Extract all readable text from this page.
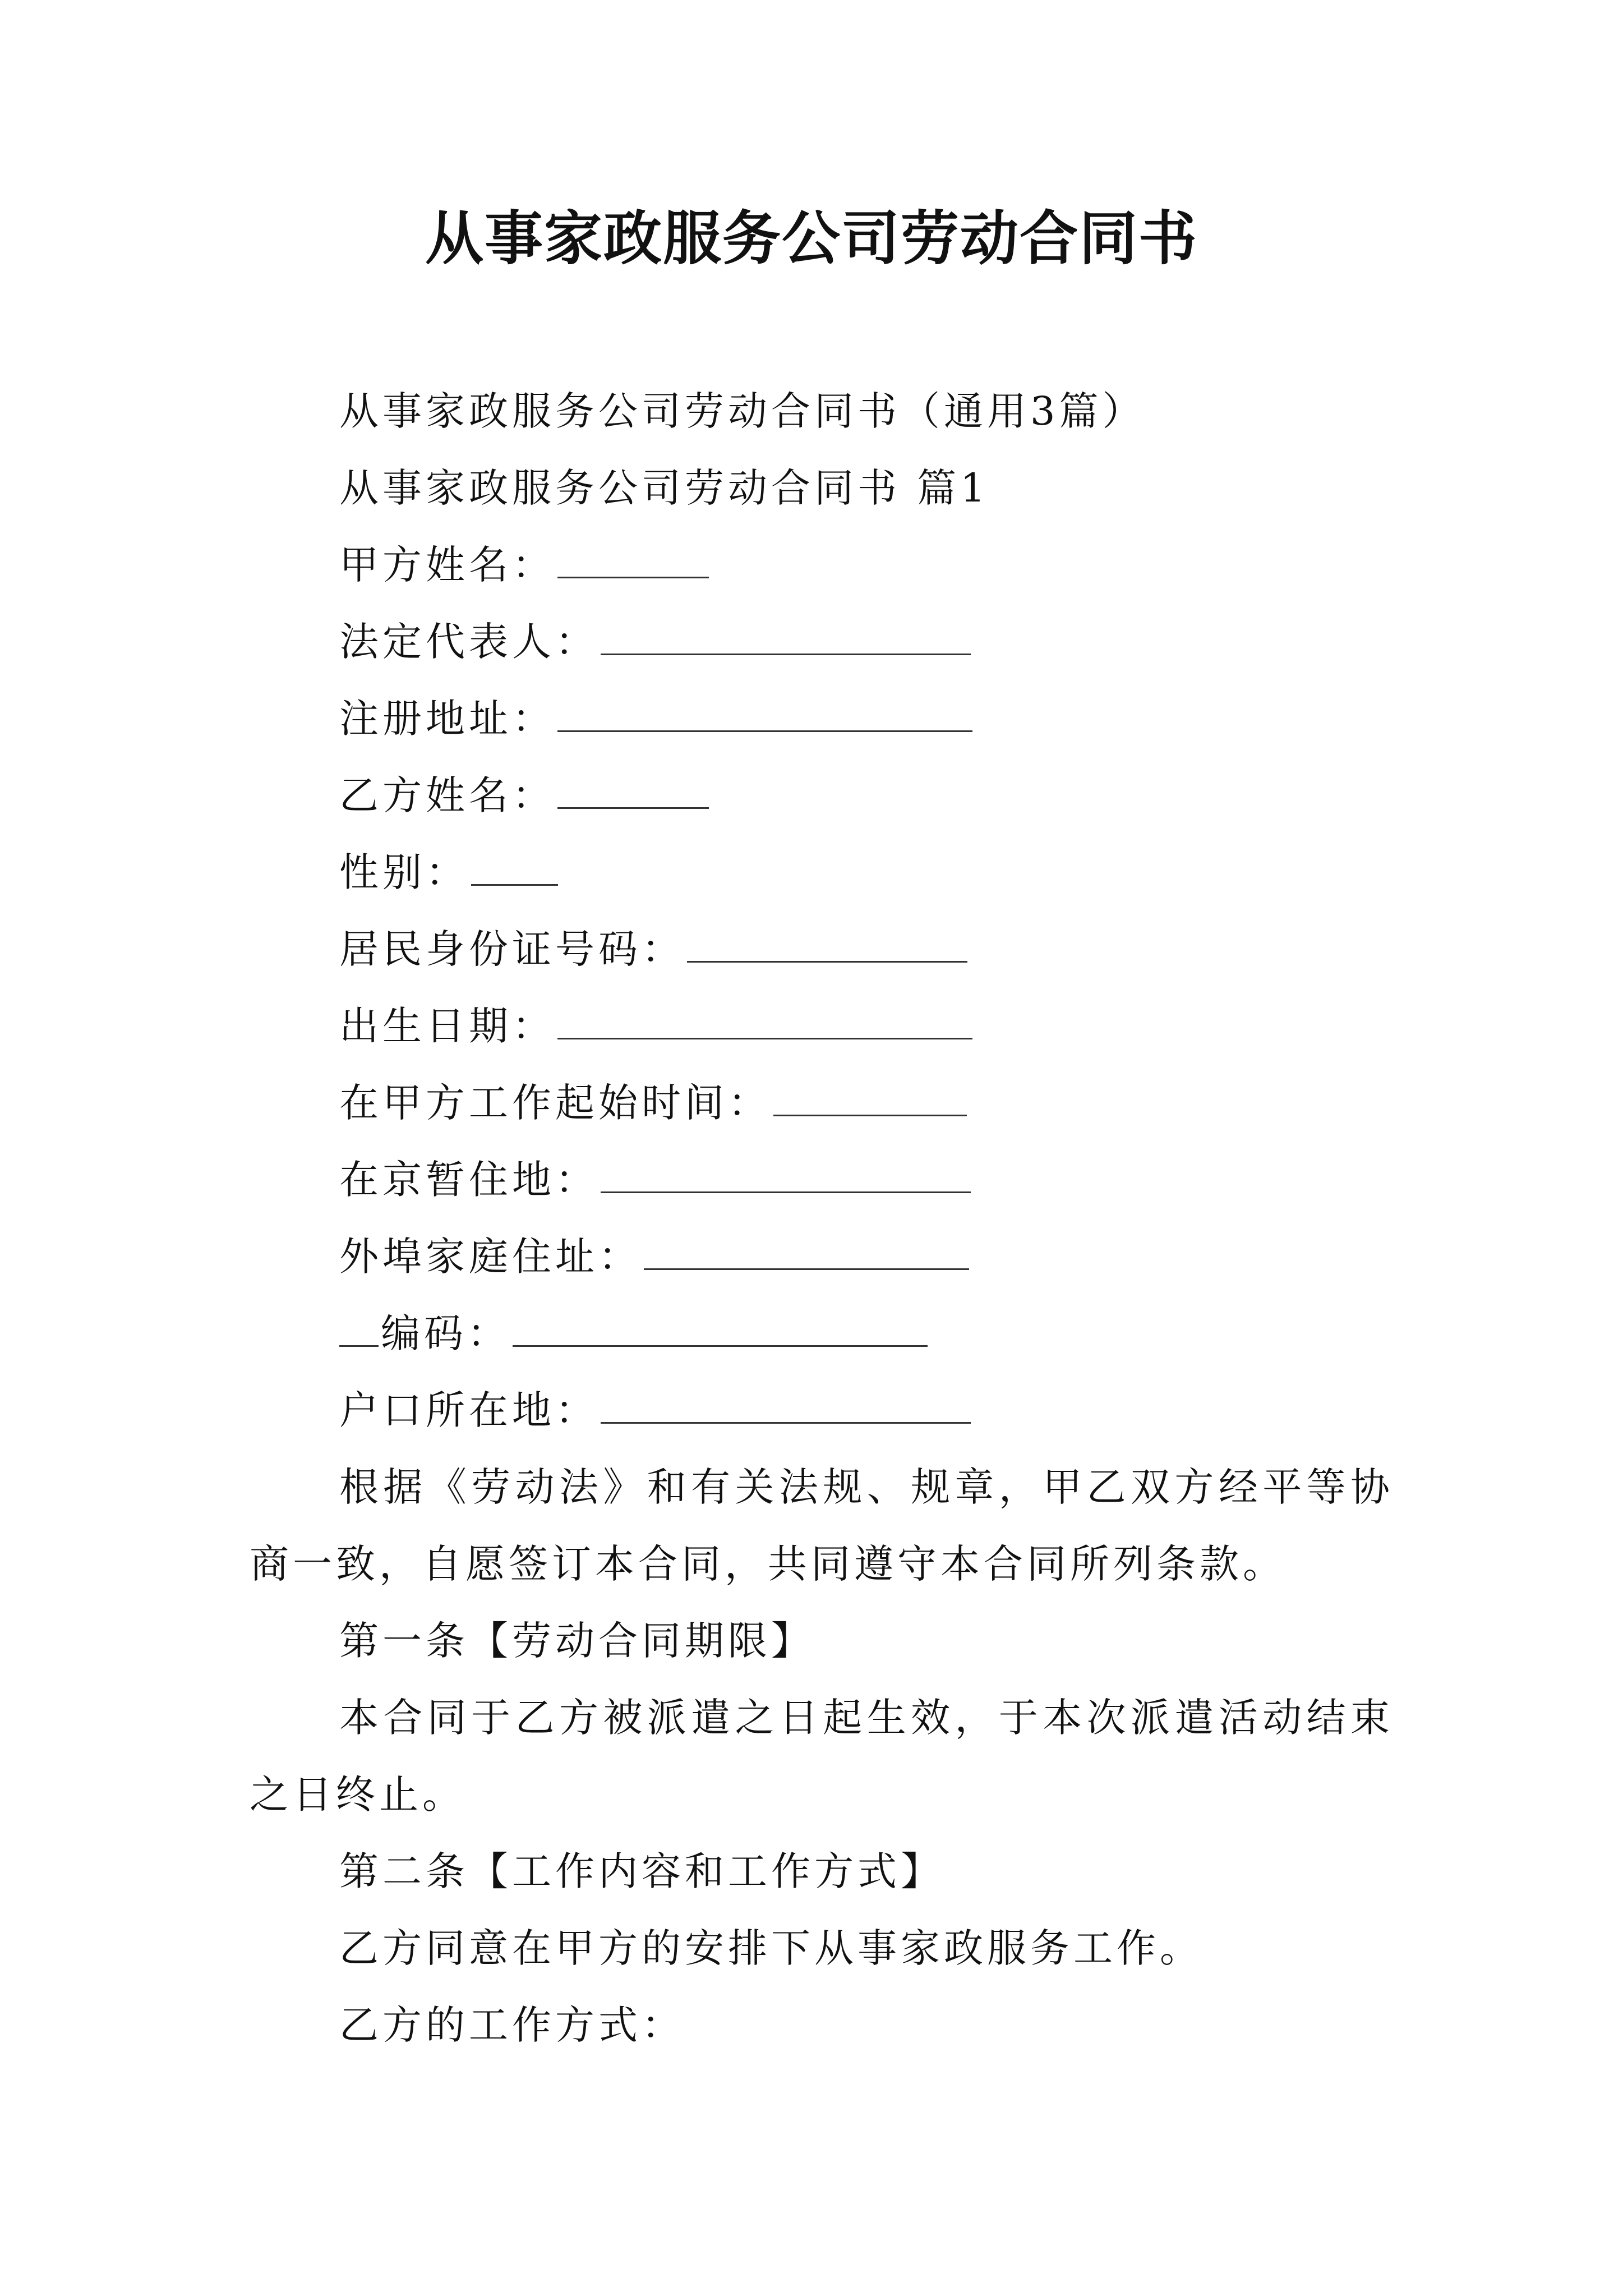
从事家政服务公司劳动合同书
从事家政服务公司劳动合同书（通用3篇）
从事家政服务公司劳动合同书 篇1
甲方姓名：
法定代表人：
注册地址：
乙方姓名：
性别：
居民身份证号码：
出生日期：
在甲方工作起始时间：
在京暂住地：
外埠家庭住址：
编码：
户口所在地：
根据《劳动法》和有关法规、规章，甲乙双方经平等协商一致，自愿签订本合同，共同遵守本合同所列条款。
第一条【劳动合同期限】
本合同于乙方被派遣之日起生效，于本次派遣活动结束之日终止。
第二条【工作内容和工作方式】
乙方同意在甲方的安排下从事家政服务工作。
乙方的工作方式：
